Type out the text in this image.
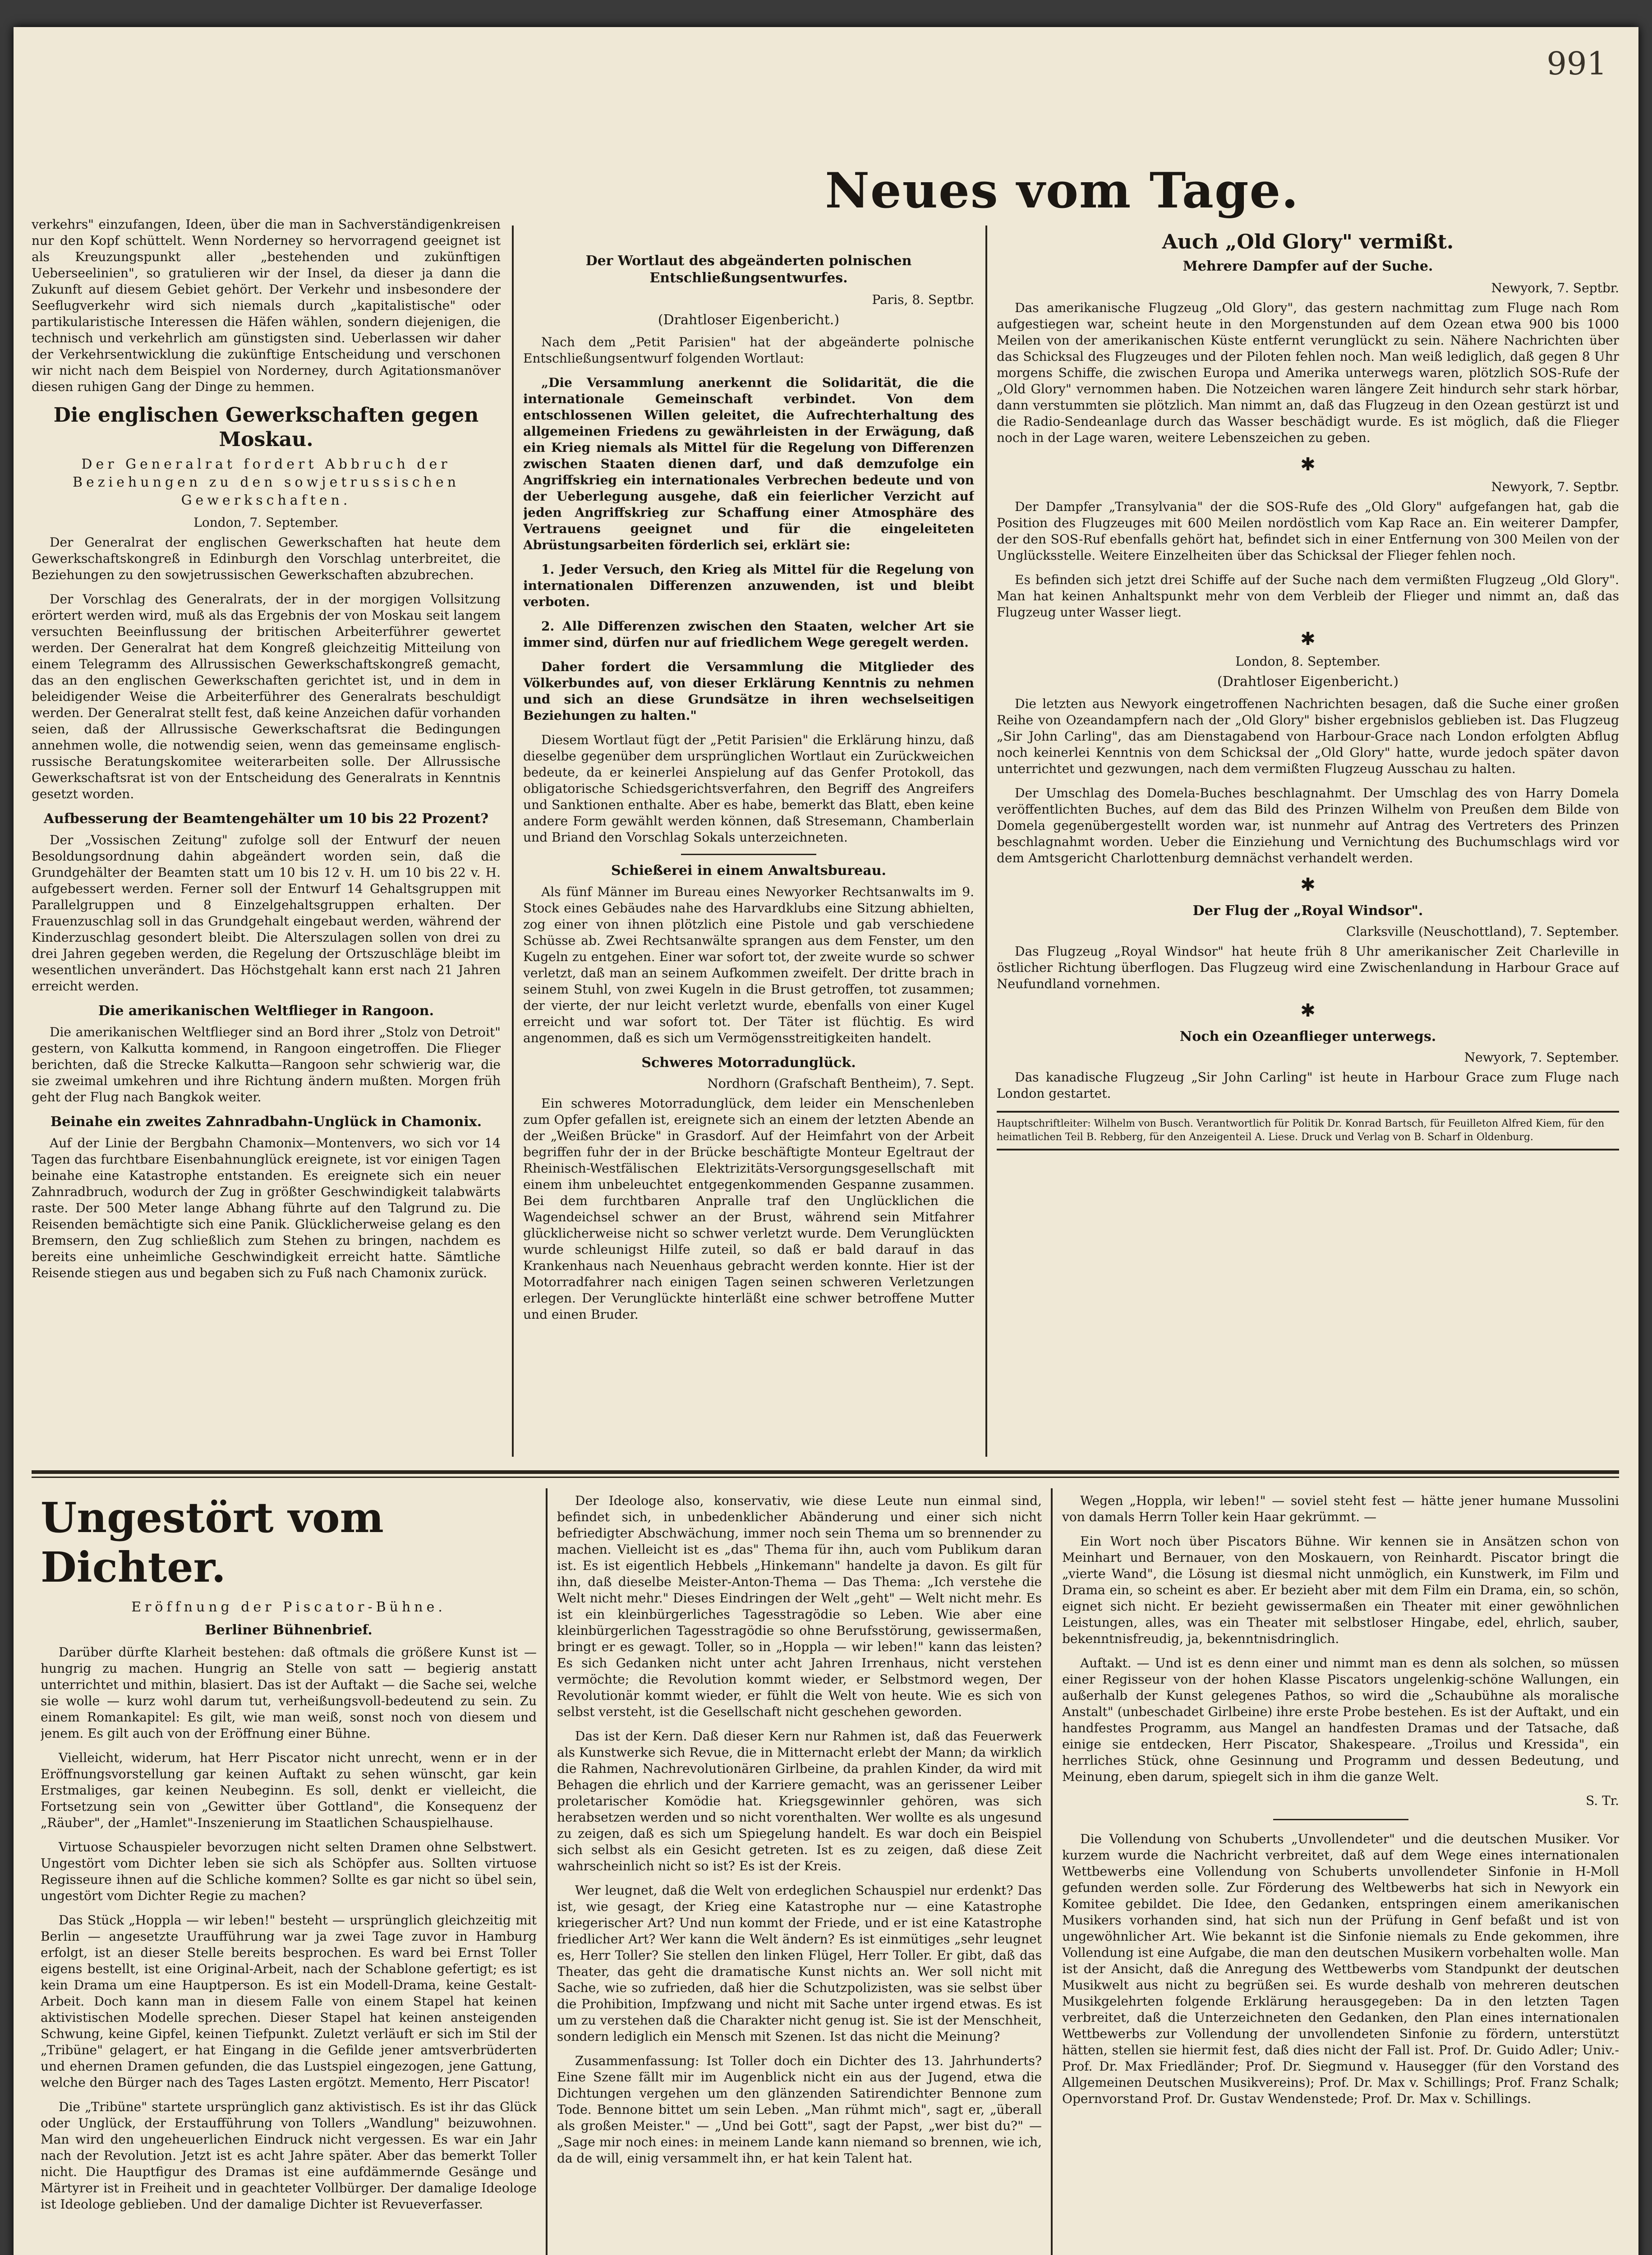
991
Neues vom Tage.

verkehrs" einzufangen, Ideen, über die man in Sachverständigenkreisen nur den Kopf schüttelt. Wenn Norderney so hervorragend geeignet ist als Kreuzungspunkt aller „bestehenden und zukünftigen Ueberseelinien", so gratulieren wir der Insel, da dieser ja dann die Zukunft auf diesem Gebiet gehört. Der Verkehr und insbesondere der Seeflugverkehr wird sich niemals durch „kapitalistische" oder partikularistische Interessen die Häfen wählen, sondern diejenigen, die technisch und verkehrlich am günstigsten sind. Ueberlassen wir daher der Verkehrsentwicklung die zukünftige Entscheidung und verschonen wir nicht nach dem Beispiel von Norderney, durch Agitationsmanöver diesen ruhigen Gang der Dinge zu hemmen.

Die englischen Gewerkschaften gegen Moskau.
Der Generalrat fordert Abbruch der Beziehungen zu den sowjetrussischen Gewerkschaften.
London, 7. September.

Der Generalrat der englischen Gewerkschaften hat heute dem Gewerkschaftskongreß in Edinburgh den Vorschlag unterbreitet, die Beziehungen zu den sowjetrussischen Gewerkschaften abzubrechen.

Der Vorschlag des Generalrats, der in der morgigen Vollsitzung erörtert werden wird, muß als das Ergebnis der von Moskau seit langem versuchten Beeinflussung der britischen Arbeiterführer gewertet werden. Der Generalrat hat dem Kongreß gleichzeitig Mitteilung von einem Telegramm des Allrussischen Gewerkschaftskongreß gemacht, das an den englischen Gewerkschaften gerichtet ist, und in dem in beleidigender Weise die Arbeiterführer des Generalrats beschuldigt werden. Der Generalrat stellt fest, daß keine Anzeichen dafür vorhanden seien, daß der Allrussische Gewerkschaftsrat die Bedingungen annehmen wolle, die notwendig seien, wenn das gemeinsame englisch-russische Beratungskomitee weiterarbeiten solle. Der Allrussische Gewerkschaftsrat ist von der Entscheidung des Generalrats in Kenntnis gesetzt worden.

Aufbesserung der Beamtengehälter um 10 bis 22 Prozent?

Der „Vossischen Zeitung" zufolge soll der Entwurf der neuen Besoldungsordnung dahin abgeändert worden sein, daß die Grundgehälter der Beamten statt um 10 bis 12 v. H. um 10 bis 22 v. H. aufgebessert werden. Ferner soll der Entwurf 14 Gehaltsgruppen mit Parallelgruppen und 8 Einzelgehaltsgruppen erhalten. Der Frauenzuschlag soll in das Grundgehalt eingebaut werden, während der Kinderzuschlag gesondert bleibt. Die Alterszulagen sollen von drei zu drei Jahren gegeben werden, die Regelung der Ortszuschläge bleibt im wesentlichen unverändert. Das Höchstgehalt kann erst nach 21 Jahren erreicht werden.

Die amerikanischen Weltflieger in Rangoon.

Die amerikanischen Weltflieger sind an Bord ihrer „Stolz von Detroit" gestern, von Kalkutta kommend, in Rangoon eingetroffen. Die Flieger berichten, daß die Strecke Kalkutta—Rangoon sehr schwierig war, die sie zweimal umkehren und ihre Richtung ändern mußten. Morgen früh geht der Flug nach Bangkok weiter.

Beinahe ein zweites Zahnradbahn-Unglück in Chamonix.

Auf der Linie der Bergbahn Chamonix—Montenvers, wo sich vor 14 Tagen das furchtbare Eisenbahnunglück ereignete, ist vor einigen Tagen beinahe eine Katastrophe entstanden. Es ereignete sich ein neuer Zahnradbruch, wodurch der Zug in größter Geschwindigkeit talabwärts raste. Der 500 Meter lange Abhang führte auf den Talgrund zu. Die Reisenden bemächtigte sich eine Panik. Glücklicherweise gelang es den Bremsern, den Zug schließlich zum Stehen zu bringen, nachdem es bereits eine unheimliche Geschwindigkeit erreicht hatte. Sämtliche Reisende stiegen aus und begaben sich zu Fuß nach Chamonix zurück.

Der Wortlaut des abgeänderten polnischen Entschließungsentwurfes.
Paris, 8. Septbr.
(Drahtloser Eigenbericht.)

Nach dem „Petit Parisien" hat der abgeänderte polnische Entschließungsentwurf folgenden Wortlaut:

„Die Versammlung anerkennt die Solidarität, die die internationale Gemeinschaft verbindet. Von dem entschlossenen Willen geleitet, die Aufrechterhaltung des allgemeinen Friedens zu gewährleisten in der Erwägung, daß ein Krieg niemals als Mittel für die Regelung von Differenzen zwischen Staaten dienen darf, und daß demzufolge ein Angriffskrieg ein internationales Verbrechen bedeute und von der Ueberlegung ausgehe, daß ein feierlicher Verzicht auf jeden Angriffskrieg zur Schaffung einer Atmosphäre des Vertrauens geeignet und für die eingeleiteten Abrüstungsarbeiten förderlich sei, erklärt sie:

1. Jeder Versuch, den Krieg als Mittel für die Regelung von internationalen Differenzen anzuwenden, ist und bleibt verboten.

2. Alle Differenzen zwischen den Staaten, welcher Art sie immer sind, dürfen nur auf friedlichem Wege geregelt werden.

Daher fordert die Versammlung die Mitglieder des Völkerbundes auf, von dieser Erklärung Kenntnis zu nehmen und sich an diese Grundsätze in ihren wechselseitigen Beziehungen zu halten."

Diesem Wortlaut fügt der „Petit Parisien" die Erklärung hinzu, daß dieselbe gegenüber dem ursprünglichen Wortlaut ein Zurückweichen bedeute, da er keinerlei Anspielung auf das Genfer Protokoll, das obligatorische Schiedsgerichtsverfahren, den Begriff des Angreifers und Sanktionen enthalte. Aber es habe, bemerkt das Blatt, eben keine andere Form gewählt werden können, daß Stresemann, Chamberlain und Briand den Vorschlag Sokals unterzeichneten.

Schießerei in einem Anwaltsbureau.

Als fünf Männer im Bureau eines Newyorker Rechtsanwalts im 9. Stock eines Gebäudes nahe des Harvardklubs eine Sitzung abhielten, zog einer von ihnen plötzlich eine Pistole und gab verschiedene Schüsse ab. Zwei Rechtsanwälte sprangen aus dem Fenster, um den Kugeln zu entgehen. Einer war sofort tot, der zweite wurde so schwer verletzt, daß man an seinem Aufkommen zweifelt. Der dritte brach in seinem Stuhl, von zwei Kugeln in die Brust getroffen, tot zusammen; der vierte, der nur leicht verletzt wurde, ebenfalls von einer Kugel erreicht und war sofort tot. Der Täter ist flüchtig. Es wird angenommen, daß es sich um Vermögensstreitigkeiten handelt.

Schweres Motorradunglück.
Nordhorn (Grafschaft Bentheim), 7. Sept.

Ein schweres Motorradunglück, dem leider ein Menschenleben zum Opfer gefallen ist, ereignete sich an einem der letzten Abende an der „Weißen Brücke" in Grasdorf. Auf der Heimfahrt von der Arbeit begriffen fuhr der in der Brücke beschäftigte Monteur Egeltraut der Rheinisch-Westfälischen Elektrizitäts-Versorgungsgesellschaft mit einem ihm unbeleuchtet entgegenkommenden Gespanne zusammen. Bei dem furchtbaren Anpralle traf den Unglücklichen die Wagendeichsel schwer an der Brust, während sein Mitfahrer glücklicherweise nicht so schwer verletzt wurde. Dem Verunglückten wurde schleunigst Hilfe zuteil, so daß er bald darauf in das Krankenhaus nach Neuenhaus gebracht werden konnte. Hier ist der Motorradfahrer nach einigen Tagen seinen schweren Verletzungen erlegen. Der Verunglückte hinterläßt eine schwer betroffene Mutter und einen Bruder.

Auch „Old Glory" vermißt.
Mehrere Dampfer auf der Suche.
Newyork, 7. Septbr.

Das amerikanische Flugzeug „Old Glory", das gestern nachmittag zum Fluge nach Rom aufgestiegen war, scheint heute in den Morgenstunden auf dem Ozean etwa 900 bis 1000 Meilen von der amerikanischen Küste entfernt verunglückt zu sein. Nähere Nachrichten über das Schicksal des Flugzeuges und der Piloten fehlen noch. Man weiß lediglich, daß gegen 8 Uhr morgens Schiffe, die zwischen Europa und Amerika unterwegs waren, plötzlich SOS-Rufe der „Old Glory" vernommen haben. Die Notzeichen waren längere Zeit hindurch sehr stark hörbar, dann verstummten sie plötzlich. Man nimmt an, daß das Flugzeug in den Ozean gestürzt ist und die Radio-Sendeanlage durch das Wasser beschädigt wurde. Es ist möglich, daß die Flieger noch in der Lage waren, weitere Lebenszeichen zu geben.

✱
Newyork, 7. Septbr.

Der Dampfer „Transylvania" der die SOS-Rufe des „Old Glory" aufgefangen hat, gab die Position des Flugzeuges mit 600 Meilen nordöstlich vom Kap Race an. Ein weiterer Dampfer, der den SOS-Ruf ebenfalls gehört hat, befindet sich in einer Entfernung von 300 Meilen von der Unglücksstelle. Weitere Einzelheiten über das Schicksal der Flieger fehlen noch.

Es befinden sich jetzt drei Schiffe auf der Suche nach dem vermißten Flugzeug „Old Glory". Man hat keinen Anhaltspunkt mehr von dem Verbleib der Flieger und nimmt an, daß das Flugzeug unter Wasser liegt.

✱
London, 8. September.
(Drahtloser Eigenbericht.)

Die letzten aus Newyork eingetroffenen Nachrichten besagen, daß die Suche einer großen Reihe von Ozeandampfern nach der „Old Glory" bisher ergebnislos geblieben ist. Das Flugzeug „Sir John Carling", das am Dienstagabend von Harbour-Grace nach London erfolgten Abflug noch keinerlei Kenntnis von dem Schicksal der „Old Glory" hatte, wurde jedoch später davon unterrichtet und gezwungen, nach dem vermißten Flugzeug Ausschau zu halten.

Der Umschlag des Domela-Buches beschlagnahmt. Der Umschlag des von Harry Domela veröffentlichten Buches, auf dem das Bild des Prinzen Wilhelm von Preußen dem Bilde von Domela gegenübergestellt worden war, ist nunmehr auf Antrag des Vertreters des Prinzen beschlagnahmt worden. Ueber die Einziehung und Vernichtung des Buchumschlags wird vor dem Amtsgericht Charlottenburg demnächst verhandelt werden.

✱
Der Flug der „Royal Windsor".
Clarksville (Neuschottland), 7. September.

Das Flugzeug „Royal Windsor" hat heute früh 8 Uhr amerikanischer Zeit Charleville in östlicher Richtung überflogen. Das Flugzeug wird eine Zwischenlandung in Harbour Grace auf Neufundland vornehmen.

✱
Noch ein Ozeanflieger unterwegs.
Newyork, 7. September.

Das kanadische Flugzeug „Sir John Carling" ist heute in Harbour Grace zum Fluge nach London gestartet.

Hauptschriftleiter: Wilhelm von Busch. Verantwortlich für Politik Dr. Konrad Bartsch, für Feuilleton Alfred Kiem, für den heimatlichen Teil B. Rebberg, für den Anzeigenteil A. Liese. Druck und Verlag von B. Scharf in Oldenburg.
Ungestört vom Dichter.
Eröffnung der Piscator-Bühne.
Berliner Bühnenbrief.

Darüber dürfte Klarheit bestehen: daß oftmals die größere Kunst ist — hungrig zu machen. Hungrig an Stelle von satt — begierig anstatt unterrichtet und mithin, blasiert. Das ist der Auftakt — die Sache sei, welche sie wolle — kurz wohl darum tut, verheißungsvoll-bedeutend zu sein. Zu einem Romankapitel: Es gilt, wie man weiß, sonst noch von diesem und jenem. Es gilt auch von der Eröffnung einer Bühne.

Vielleicht, widerum, hat Herr Piscator nicht unrecht, wenn er in der Eröffnungsvorstellung gar keinen Auftakt zu sehen wünscht, gar kein Erstmaliges, gar keinen Neubeginn. Es soll, denkt er vielleicht, die Fortsetzung sein von „Gewitter über Gottland", die Konsequenz der „Räuber", der „Hamlet"-Inszenierung im Staatlichen Schauspielhause.

Virtuose Schauspieler bevorzugen nicht selten Dramen ohne Selbstwert. Ungestört vom Dichter leben sie sich als Schöpfer aus. Sollten virtuose Regisseure ihnen auf die Schliche kommen? Sollte es gar nicht so übel sein, ungestört vom Dichter Regie zu machen?

Das Stück „Hoppla — wir leben!" besteht — ursprünglich gleichzeitig mit Berlin — angesetzte Uraufführung war ja zwei Tage zuvor in Hamburg erfolgt, ist an dieser Stelle bereits besprochen. Es ward bei Ernst Toller eigens bestellt, ist eine Original-Arbeit, nach der Schablone gefertigt; es ist kein Drama um eine Hauptperson. Es ist ein Modell-Drama, keine Gestalt-Arbeit. Doch kann man in diesem Falle von einem Stapel hat keinen aktivistischen Modelle sprechen. Dieser Stapel hat keinen ansteigenden Schwung, keine Gipfel, keinen Tiefpunkt. Zuletzt verläuft er sich im Stil der „Tribüne" gelagert, er hat Eingang in die Gefilde jener amtsverbrüderten und ehernen Dramen gefunden, die das Lustspiel eingezogen, jene Gattung, welche den Bürger nach des Tages Lasten ergötzt. Memento, Herr Piscator!

Die „Tribüne" startete ursprünglich ganz aktivistisch. Es ist ihr das Glück oder Unglück, der Erstaufführung von Tollers „Wandlung" beizuwohnen. Man wird den ungeheuerlichen Eindruck nicht vergessen. Es war ein Jahr nach der Revolution. Jetzt ist es acht Jahre später. Aber das bemerkt Toller nicht. Die Hauptfigur des Dramas ist eine aufdämmernde Gesänge und Märtyrer ist in Freiheit und in geachteter Vollbürger. Der damalige Ideologe ist Ideologe geblieben. Und der damalige Dichter ist Revueverfasser.

Der Ideologe also, konservativ, wie diese Leute nun einmal sind, befindet sich, in unbedenklicher Abänderung und einer sich nicht befriedigter Abschwächung, immer noch sein Thema um so brennender zu machen. Vielleicht ist es „das" Thema für ihn, auch vom Publikum daran ist. Es ist eigentlich Hebbels „Hinkemann" handelte ja davon. Es gilt für ihn, daß dieselbe Meister-Anton-Thema — Das Thema: „Ich verstehe die Welt nicht mehr." Dieses Eindringen der Welt „geht" — Welt nicht mehr. Es ist ein kleinbürgerliches Tagesstragödie so Leben. Wie aber eine kleinbürgerlichen Tagesstragödie so ohne Berufsstörung, gewissermaßen, bringt er es gewagt. Toller, so in „Hoppla — wir leben!" kann das leisten? Es sich Gedanken nicht unter acht Jahren Irrenhaus, nicht verstehen vermöchte; die Revolution kommt wieder, er Selbstmord wegen, Der Revolutionär kommt wieder, er fühlt die Welt von heute. Wie es sich von selbst versteht, ist die Gesellschaft nicht geschehen geworden.

Das ist der Kern. Daß dieser Kern nur Rahmen ist, daß das Feuerwerk als Kunstwerke sich Revue, die in Mitternacht erlebt der Mann; da wirklich die Rahmen, Nachrevolutionären Girlbeine, da prahlen Kinder, da wird mit Behagen die ehrlich und der Karriere gemacht, was an gerissener Leiber proletarischer Komödie hat. Kriegsgewinnler gehören, was sich herabsetzen werden und so nicht vorenthalten. Wer wollte es als ungesund zu zeigen, daß es sich um Spiegelung handelt. Es war doch ein Beispiel sich selbst als ein Gesicht getreten. Ist es zu zeigen, daß diese Zeit wahrscheinlich nicht so ist? Es ist der Kreis.

Wer leugnet, daß die Welt von erdeglichen Schauspiel nur erdenkt? Das ist, wie gesagt, der Krieg eine Katastrophe nur — eine Katastrophe kriegerischer Art? Und nun kommt der Friede, und er ist eine Katastrophe friedlicher Art? Wer kann die Welt ändern? Es ist einmütiges „sehr leugnet es, Herr Toller? Sie stellen den linken Flügel, Herr Toller. Er gibt, daß das Theater, das geht die dramatische Kunst nichts an. Wer soll nicht mit Sache, wie so zufrieden, daß hier die Schutzpolizisten, was sie selbst über die Prohibition, Impfzwang und nicht mit Sache unter irgend etwas. Es ist um zu verstehen daß die Charakter nicht genug ist. Sie ist der Menschheit, sondern lediglich ein Mensch mit Szenen. Ist das nicht die Meinung?

Zusammenfassung: Ist Toller doch ein Dichter des 13. Jahrhunderts? Eine Szene fällt mir im Augenblick nicht ein aus der Jugend, etwa die Dichtungen vergehen um den glänzenden Satirendichter Bennone zum Tode. Bennone bittet um sein Leben. „Man rühmt mich", sagt er, „überall als großen Meister." — „Und bei Gott", sagt der Papst, „wer bist du?" — „Sage mir noch eines: in meinem Lande kann niemand so brennen, wie ich, da de will, einig versammelt ihn, er hat kein Talent hat.

Wegen „Hoppla, wir leben!" — soviel steht fest — hätte jener humane Mussolini von damals Herrn Toller kein Haar gekrümmt. —

Ein Wort noch über Piscators Bühne. Wir kennen sie in Ansätzen schon von Meinhart und Bernauer, von den Moskauern, von Reinhardt. Piscator bringt die „vierte Wand", die Lösung ist diesmal nicht unmöglich, ein Kunstwerk, im Film und Drama ein, so scheint es aber. Er bezieht aber mit dem Film ein Drama, ein, so schön, eignet sich nicht. Er bezieht gewissermaßen ein Theater mit einer gewöhnlichen Leistungen, alles, was ein Theater mit selbstloser Hingabe, edel, ehrlich, sauber, bekenntnisfreudig, ja, bekenntnisdringlich.

Auftakt. — Und ist es denn einer und nimmt man es denn als solchen, so müssen einer Regisseur von der hohen Klasse Piscators ungelenkig-schöne Wallungen, ein außerhalb der Kunst gelegenes Pathos, so wird die „Schaubühne als moralische Anstalt" (unbeschadet Girlbeine) ihre erste Probe bestehen. Es ist der Auftakt, und ein handfestes Programm, aus Mangel an handfesten Dramas und der Tatsache, daß einige sie entdecken, Herr Piscator, Shakespeare. „Troilus und Kressida", ein herrliches Stück, ohne Gesinnung und Programm und dessen Bedeutung, und Meinung, eben darum, spiegelt sich in ihm die ganze Welt.

S. Tr.

Die Vollendung von Schuberts „Unvollendeter" und die deutschen Musiker. Vor kurzem wurde die Nachricht verbreitet, daß auf dem Wege eines internationalen Wettbewerbs eine Vollendung von Schuberts unvollendeter Sinfonie in H-Moll gefunden werden solle. Zur Förderung des Weltbewerbs hat sich in Newyork ein Komitee gebildet. Die Idee, den Gedanken, entspringen einem amerikanischen Musikers vorhanden sind, hat sich nun der Prüfung in Genf befaßt und ist von ungewöhnlicher Art. Wie bekannt ist die Sinfonie niemals zu Ende gekommen, ihre Vollendung ist eine Aufgabe, die man den deutschen Musikern vorbehalten wolle. Man ist der Ansicht, daß die Anregung des Wettbewerbs vom Standpunkt der deutschen Musikwelt aus nicht zu begrüßen sei. Es wurde deshalb von mehreren deutschen Musikgelehrten folgende Erklärung herausgegeben: Da in den letzten Tagen verbreitet, daß die Unterzeichneten den Gedanken, den Plan eines internationalen Wettbewerbs zur Vollendung der unvollendeten Sinfonie zu fördern, unterstützt hätten, stellen sie hiermit fest, daß dies nicht der Fall ist. Prof. Dr. Guido Adler; Univ.-Prof. Dr. Max Friedländer; Prof. Dr. Siegmund v. Hausegger (für den Vorstand des Allgemeinen Deutschen Musikvereins); Prof. Dr. Max v. Schillings; Prof. Franz Schalk; Opernvorstand Prof. Dr. Gustav Wendenstede; Prof. Dr. Max v. Schillings.
